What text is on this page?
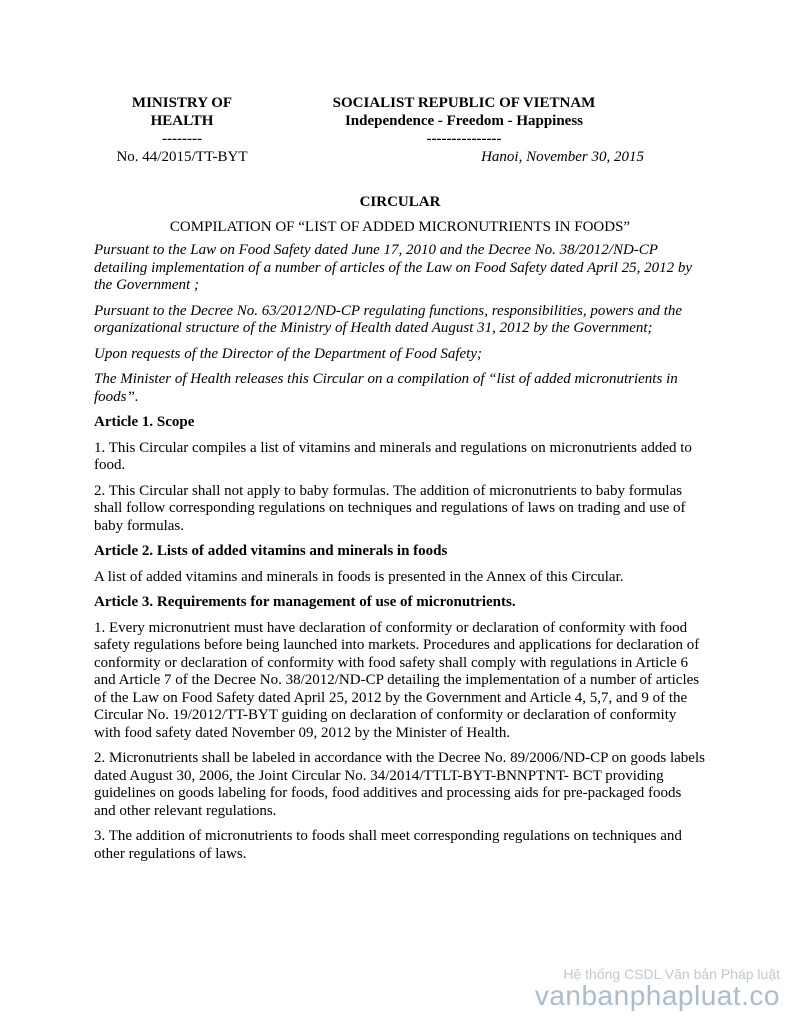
MINISTRY OF
HEALTH
--------
SOCIALIST REPUBLIC OF VIETNAM
Independence - Freedom - Happiness
---------------
No. 44/2015/TT-BYT	Hanoi, November 30, 2015
CIRCULAR
COMPILATION OF “LIST OF ADDED MICRONUTRIENTS IN FOODS”

Pursuant to the Law on Food Safety dated June 17, 2010 and the Decree No. 38/2012/ND-CP detailing implementation of a number of articles of the Law on Food Safety dated April 25, 2012 by the Government ;

Pursuant to the Decree No. 63/2012/ND-CP regulating functions, responsibilities, powers and the organizational structure of the Ministry of Health dated August 31, 2012 by the Government;

Upon requests of the Director of the Department of Food Safety;

The Minister of Health releases this Circular on a compilation of “list of added micronutrients in foods”.

Article 1. Scope

1. This Circular compiles a list of vitamins and minerals and regulations on micronutrients added to food.

2. This Circular shall not apply to baby formulas. The addition of micronutrients to baby formulas shall follow corresponding regulations on techniques and regulations of laws on trading and use of baby formulas.

Article 2. Lists of added vitamins and minerals in foods

A list of added vitamins and minerals in foods is presented in the Annex of this Circular.

Article 3. Requirements for management of use of micronutrients.

1. Every micronutrient must have declaration of conformity or declaration of conformity with food safety regulations before being launched into markets. Procedures and applications for declaration of conformity or declaration of conformity with food safety shall comply with regulations in Article 6 and Article 7 of the Decree No. 38/2012/ND-CP detailing the implementation of a number of articles of the Law on Food Safety dated April 25, 2012 by the Government and Article 4, 5,7, and 9 of the Circular No. 19/2012/TT-BYT guiding on declaration of conformity or declaration of conformity with food safety dated November 09, 2012 by the Minister of Health.

2. Micronutrients shall be labeled in accordance with the Decree No. 89/2006/ND-CP on goods labels dated August 30, 2006, the Joint Circular No. 34/2014/TTLT-BYT-BNNPTNT- BCT providing guidelines on goods labeling for foods, food additives and processing aids for pre-packaged foods and other relevant regulations.

3. The addition of micronutrients to foods shall meet corresponding regulations on techniques and other regulations of laws.

Hệ thống CSDL Văn bản Pháp luật
vanbanphapluat.co
